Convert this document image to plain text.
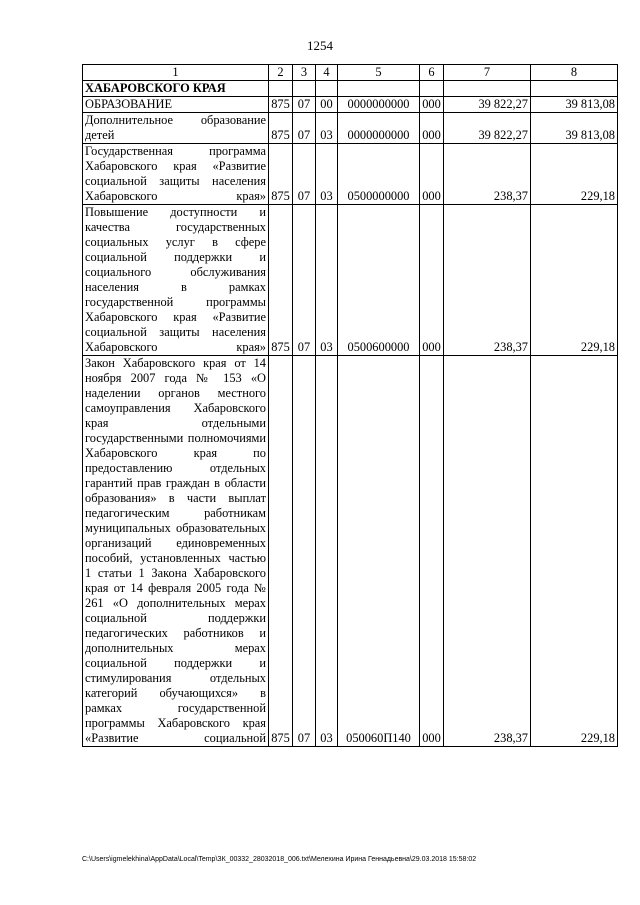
1254
1	2	3	4	5	6	7	8
ХАБАРОВСКОГО КРАЯ							
ОБРАЗОВАНИЕ	875	07	00	0000000000	000	39 822,27	39 813,08
Дополнительное образование детей	875	07	03	0000000000	000	39 822,27	39 813,08
Государственная программа Хабаровского края «Развитие социальной защиты населения Хабаровского края»	875	07	03	0500000000	000	238,37	229,18
Повышение доступности и качества государственных социальных услуг в сфере социальной поддержки и социального обслуживания населения в рамках государственной программы Хабаровского края «Развитие социальной защиты населения Хабаровского края»	875	07	03	0500600000	000	238,37	229,18
Закон Хабаровского края от 14 ноября 2007 года № 153 «О наделении органов местного самоуправления Хабаровского края отдельными государственными полномочиями Хабаровского края по предоставлению отдельных гарантий прав граждан в области образования» в части выплат педагогическим работникам муниципальных образовательных организаций единовременных пособий, установленных частью 1 статьи 1 Закона Хабаровского края от 14 февраля 2005 года № 261 «О дополнительных мерах социальной поддержки педагогических работников и дополнительных мерах социальной поддержки и стимулирования отдельных категорий обучающихся» в рамках государственной программы Хабаровского края «Развитие социальной	875	07	03	050060П140	000	238,37	229,18
C:\Users\igmelekhina\AppData\Local\Temp\ЗК_00332_28032018_006.txt\Мелехина Ирина Геннадьевна\29.03.2018 15:58:02
